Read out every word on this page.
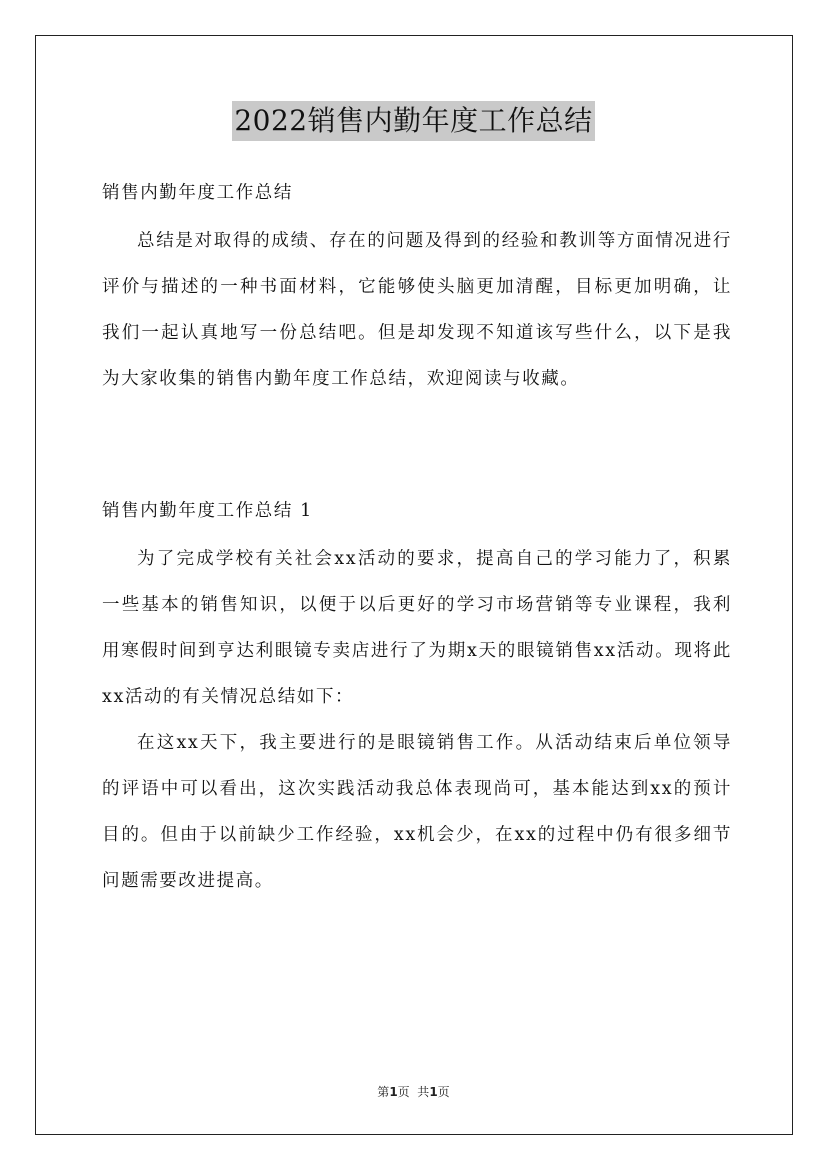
2022销售内勤年度工作总结

销售内勤年度工作总结

总结是对取得的成绩、存在的问题及得到的经验和教训等方面情况进行评价与描述的一种书面材料，它能够使头脑更加清醒，目标更加明确，让我们一起认真地写一份总结吧。但是却发现不知道该写些什么，以下是我为大家收集的销售内勤年度工作总结，欢迎阅读与收藏。

销售内勤年度工作总结 1

为了完成学校有关社会xx活动的要求，提高自己的学习能力了，积累一些基本的销售知识，以便于以后更好的学习市场营销等专业课程，我利用寒假时间到亨达利眼镜专卖店进行了为期x天的眼镜销售xx活动。现将此xx活动的有关情况总结如下：

在这xx天下，我主要进行的是眼镜销售工作。从活动结束后单位领导的评语中可以看出，这次实践活动我总体表现尚可，基本能达到xx的预计目的。但由于以前缺少工作经验，xx机会少，在xx的过程中仍有很多细节问题需要改进提高。

第1页  共1页
